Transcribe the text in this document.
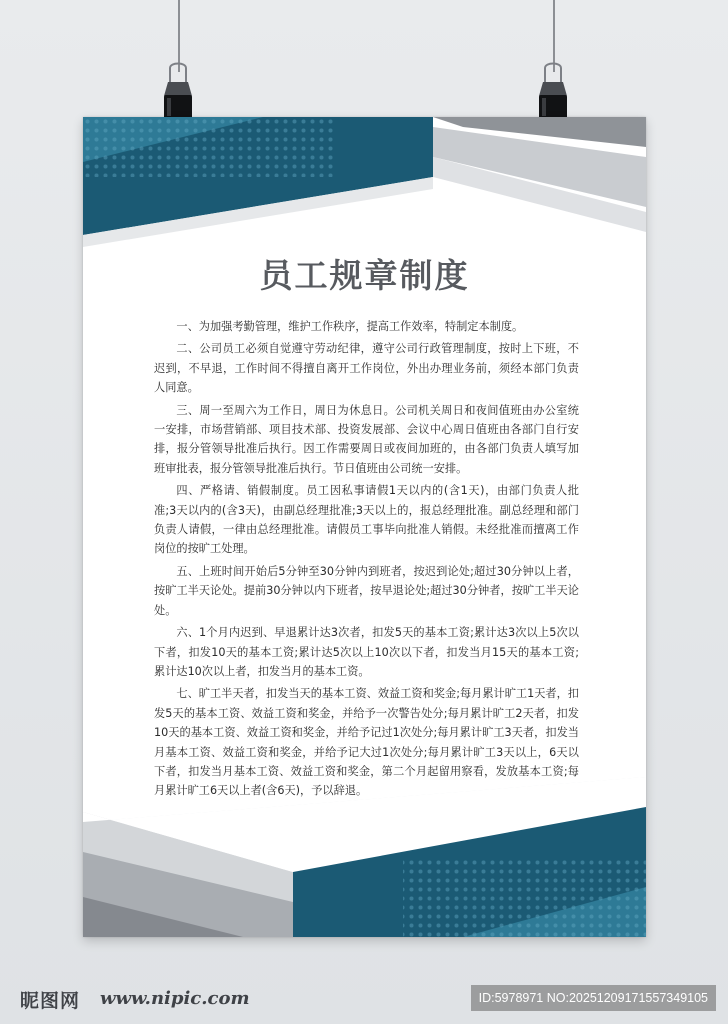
员工规章制度

一、为加强考勤管理，维护工作秩序，提高工作效率，特制定本制度。

二、公司员工必须自觉遵守劳动纪律，遵守公司行政管理制度，按时上下班，不迟到，不早退，工作时间不得擅自离开工作岗位，外出办理业务前，须经本部门负责人同意。

三、周一至周六为工作日，周日为休息日。公司机关周日和夜间值班由办公室统一安排，市场营销部、项目技术部、投资发展部、会议中心周日值班由各部门自行安排，报分管领导批准后执行。因工作需要周日或夜间加班的，由各部门负责人填写加班审批表，报分管领导批准后执行。节日值班由公司统一安排。

四、严格请、销假制度。员工因私事请假1天以内的(含1天)，由部门负责人批准;3天以内的(含3天)，由副总经理批准;3天以上的，报总经理批准。副总经理和部门负责人请假，一律由总经理批准。请假员工事毕向批准人销假。未经批准而擅离工作岗位的按旷工处理。

五、上班时间开始后5分钟至30分钟内到班者，按迟到论处;超过30分钟以上者，按旷工半天论处。提前30分钟以内下班者，按早退论处;超过30分钟者，按旷工半天论处。

六、1个月内迟到、早退累计达3次者，扣发5天的基本工资;累计达3次以上5次以下者，扣发10天的基本工资;累计达5次以上10次以下者，扣发当月15天的基本工资;累计达10次以上者，扣发当月的基本工资。

七、旷工半天者，扣发当天的基本工资、效益工资和奖金;每月累计旷工1天者，扣发5天的基本工资、效益工资和奖金，并给予一次警告处分;每月累计旷工2天者，扣发10天的基本工资、效益工资和奖金，并给予记过1次处分;每月累计旷工3天者，扣发当月基本工资、效益工资和奖金，并给予记大过1次处分;每月累计旷工3天以上，6天以下者，扣发当月基本工资、效益工资和奖金，第二个月起留用察看，发放基本工资;每月累计旷工6天以上者(含6天)，予以辞退。

昵图网 www.nipic.com	ID:5978971 NO:20251209171557349105
